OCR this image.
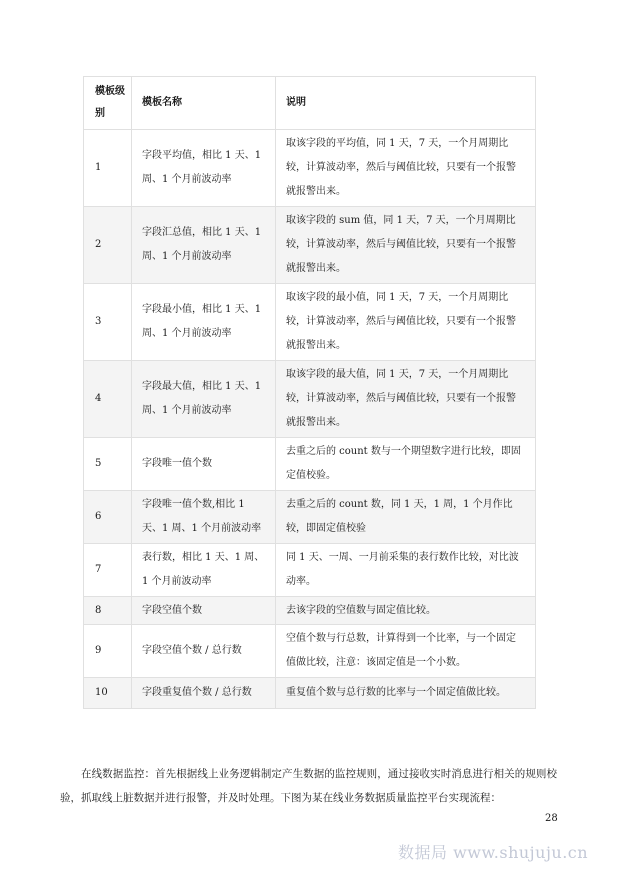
模板级别	模板名称	说明
1	字段平均值，相比 1 天、1 周、1 个月前波动率	取该字段的平均值，同 1 天，7 天，一个月周期比较，计算波动率，然后与阈值比较，只要有一个报警就报警出来。
2	字段汇总值，相比 1 天、1 周、1 个月前波动率	取该字段的 sum 值，同 1 天，7 天，一个月周期比较，计算波动率，然后与阈值比较，只要有一个报警就报警出来。
3	字段最小值，相比 1 天、1 周、1 个月前波动率	取该字段的最小值，同 1 天，7 天，一个月周期比较，计算波动率，然后与阈值比较，只要有一个报警就报警出来。
4	字段最大值，相比 1 天、1 周、1 个月前波动率	取该字段的最大值，同 1 天，7 天，一个月周期比较，计算波动率，然后与阈值比较，只要有一个报警就报警出来。
5	字段唯一值个数	去重之后的 count 数与一个期望数字进行比较，即固定值校验。
6	字段唯一值个数,相比 1 天、1 周、1 个月前波动率	去重之后的 count 数，同 1 天，1 周，1 个月作比较，即固定值校验
7	表行数，相比 1 天、1 周、1 个月前波动率	同 1 天、一周、一月前采集的表行数作比较，对比波动率。
8	字段空值个数	去该字段的空值数与固定值比较。
9	字段空值个数 / 总行数	空值个数与行总数，计算得到一个比率，与一个固定值做比较，注意：该固定值是一个小数。
10	字段重复值个数 / 总行数	重复值个数与总行数的比率与一个固定值做比较。

在线数据监控：首先根据线上业务逻辑制定产生数据的监控规则，通过接收实时消息进行相关的规则校验，抓取线上脏数据并进行报警，并及时处理。下图为某在线业务数据质量监控平台实现流程：

28
数据局 www.shujuju.cn
